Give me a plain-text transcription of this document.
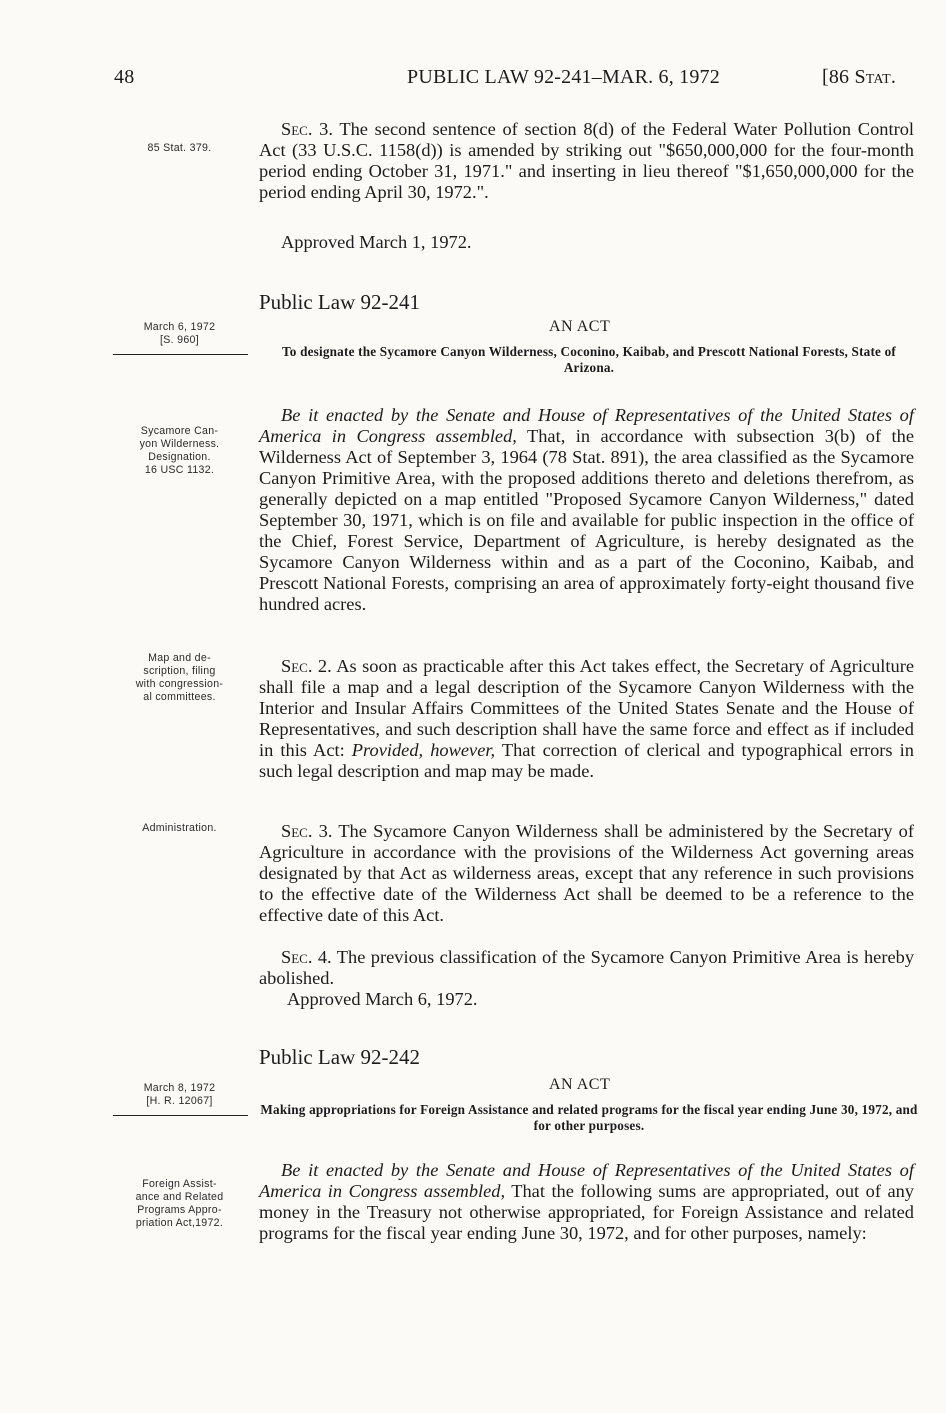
48	PUBLIC LAW 92-241–MAR. 6, 1972	[86 Stat.
85 Stat. 379.
Sec. 3. The second sentence of section 8(d) of the Federal Water Pollution Control Act (33 U.S.C. 1158(d)) is amended by striking out "$650,000,000 for the four-month period ending October 31, 1971." and inserting in lieu thereof "$1,650,000,000 for the period ending April 30, 1972.".
Approved March 1, 1972.
Public Law 92-241
March 6, 1972
[S. 960]
AN ACT
To designate the Sycamore Canyon Wilderness, Coconino, Kaibab, and Prescott National Forests, State of Arizona.
Sycamore Can-
yon Wilderness.
Designation.
16 USC 1132.
Be it enacted by the Senate and House of Representatives of the United States of America in Congress assembled, That, in accordance with subsection 3(b) of the Wilderness Act of September 3, 1964 (78 Stat. 891), the area classified as the Sycamore Canyon Primitive Area, with the proposed additions thereto and deletions therefrom, as generally depicted on a map entitled "Proposed Sycamore Canyon Wilderness," dated September 30, 1971, which is on file and available for public inspection in the office of the Chief, Forest Service, Department of Agriculture, is hereby designated as the Sycamore Canyon Wilderness within and as a part of the Coconino, Kaibab, and Prescott National Forests, comprising an area of approximately forty-eight thousand five hundred acres.
Map and de-
scription, filing
with congression-
al committees.
Sec. 2. As soon as practicable after this Act takes effect, the Secretary of Agriculture shall file a map and a legal description of the Sycamore Canyon Wilderness with the Interior and Insular Affairs Committees of the United States Senate and the House of Representatives, and such description shall have the same force and effect as if included in this Act: Provided, however, That correction of clerical and typographical errors in such legal description and map may be made.
Administration.	Sec. 3. The Sycamore Canyon Wilderness shall be administered by the Secretary of Agriculture in accordance with the provisions of the Wilderness Act governing areas designated by that Act as wilderness areas, except that any reference in such provisions to the effective date of the Wilderness Act shall be deemed to be a reference to the effective date of this Act.
Sec. 4. The previous classification of the Sycamore Canyon Primitive Area is hereby abolished.
Approved March 6, 1972.
Public Law 92-242
March 8, 1972
[H. R. 12067]
AN ACT
Making appropriations for Foreign Assistance and related programs for the fiscal year ending June 30, 1972, and for other purposes.
Foreign Assist-
ance and Related
Programs Appro-
priation Act,1972.
Be it enacted by the Senate and House of Representatives of the United States of America in Congress assembled, That the following sums are appropriated, out of any money in the Treasury not otherwise appropriated, for Foreign Assistance and related programs for the fiscal year ending June 30, 1972, and for other purposes, namely:
